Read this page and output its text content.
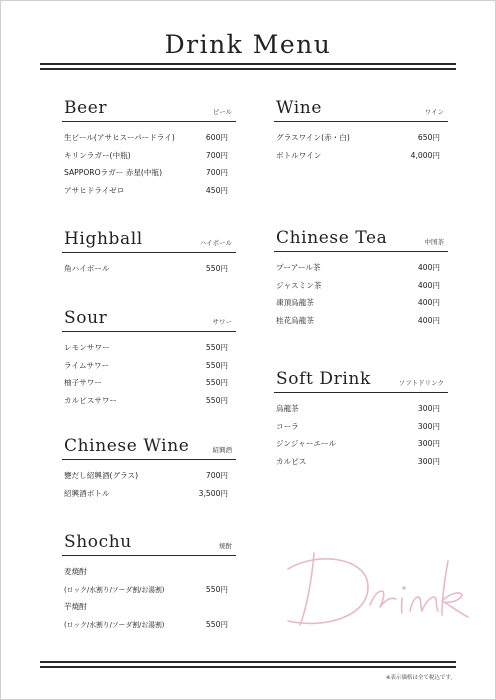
Drink Menu
Beer	ビール
生ビール(アサヒスーパードライ)	600円
キリンラガー(中瓶)	700円
SAPPOROラガー 赤星(中瓶)	700円
アサヒドライゼロ	450円
Highball	ハイボール
角ハイボール	550円
Sour	サワー
レモンサワー	550円
ライムサワー	550円
柚子サワー	550円
カルピスサワー	550円
Chinese Wine	紹興酒
甕だし紹興酒(グラス)	700円
紹興酒ボトル	3,500円
Shochu	焼酎
麦焼酎
(ロック/水割り/ソーダ割/お湯割)	550円
芋焼酎
(ロック/水割り/ソーダ割/お湯割)	550円
Wine	ワイン
グラスワイン(赤・白)	650円
ボトルワイン	4,000円
Chinese Tea	中国茶
プーアール茶	400円
ジャスミン茶	400円
凍頂烏龍茶	400円
桂花烏龍茶	400円
Soft Drink	ソフトドリンク
烏龍茶	300円
コーラ	300円
ジンジャーエール	300円
カルピス	300円
※表示価格は全て税込です。
